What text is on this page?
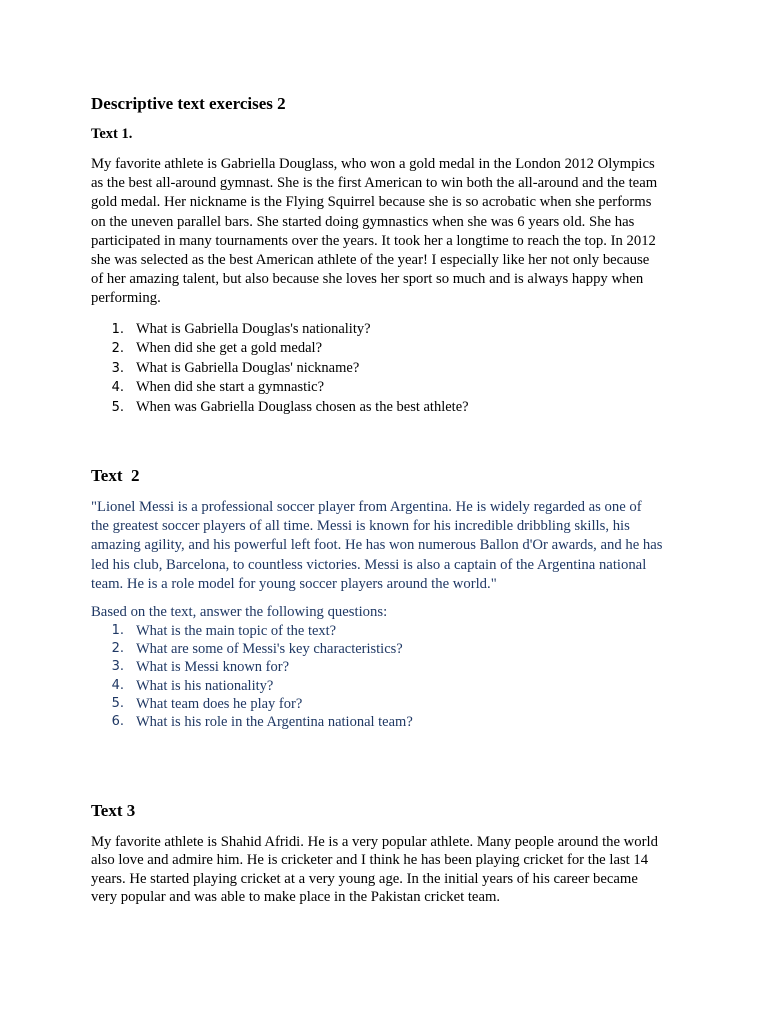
Descriptive text exercises 2
Text 1.
My favorite athlete is Gabriella Douglass, who won a gold medal in the London 2012 Olympics
as the best all-around gymnast. She is the first American to win both the all-around and the team
gold medal. Her nickname is the Flying Squirrel because she is so acrobatic when she performs
on the uneven parallel bars. She started doing gymnastics when she was 6 years old. She has
participated in many tournaments over the years. It took her a longtime to reach the top. In 2012
she was selected as the best American athlete of the year! I especially like her not only because
of her amazing talent, but also because she loves her sport so much and is always happy when
performing.
1. What is Gabriella Douglas's nationality?
2. When did she get a gold medal?
3. What is Gabriella Douglas' nickname?
4. When did she start a gymnastic?
5. When was Gabriella Douglass chosen as the best athlete?
Text  2
"Lionel Messi is a professional soccer player from Argentina. He is widely regarded as one of
the greatest soccer players of all time. Messi is known for his incredible dribbling skills, his
amazing agility, and his powerful left foot. He has won numerous Ballon d'Or awards, and he has
led his club, Barcelona, to countless victories. Messi is also a captain of the Argentina national
team. He is a role model for young soccer players around the world."

Based on the text, answer the following questions:

1. What is the main topic of the text?
2. What are some of Messi's key characteristics?
3. What is Messi known for?
4. What is his nationality?
5. What team does he play for?
6. What is his role in the Argentina national team?
Text 3
My favorite athlete is Shahid Afridi. He is a very popular athlete. Many people around the world
also love and admire him. He is cricketer and I think he has been playing cricket for the last 14
years. He started playing cricket at a very young age. In the initial years of his career became
very popular and was able to make place in the Pakistan cricket team.
